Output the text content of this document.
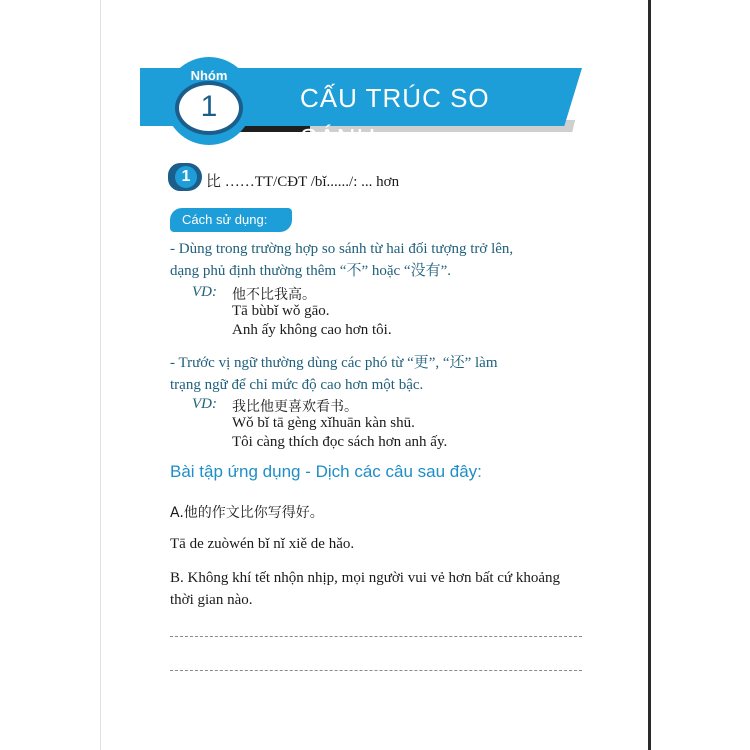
CẤU TRÚC SO SÁNH
Nhóm
1
1	比 ……TT/CĐT /bǐ....../: ... hơn
Cách sử dụng:
- Dùng trong trường hợp so sánh từ hai đối tượng trở lên,
dạng phủ định thường thêm “不” hoặc “没有”.
VD: 他不比我高。
Tā bùbǐ wǒ gāo.
Anh ấy không cao hơn tôi.
- Trước vị ngữ thường dùng các phó từ “更”, “还” làm
trạng ngữ để chỉ mức độ cao hơn một bậc.
VD: 我比他更喜欢看书。
Wǒ bǐ tā gèng xǐhuān kàn shū.
Tôi càng thích đọc sách hơn anh ấy.
Bài tập ứng dụng - Dịch các câu sau đây:
A.他的作文比你写得好。
Tā de zuòwén bǐ nǐ xiě de hǎo.
B. Không khí tết nhộn nhịp, mọi người vui vẻ hơn bất cứ khoảng
thời gian nào.
